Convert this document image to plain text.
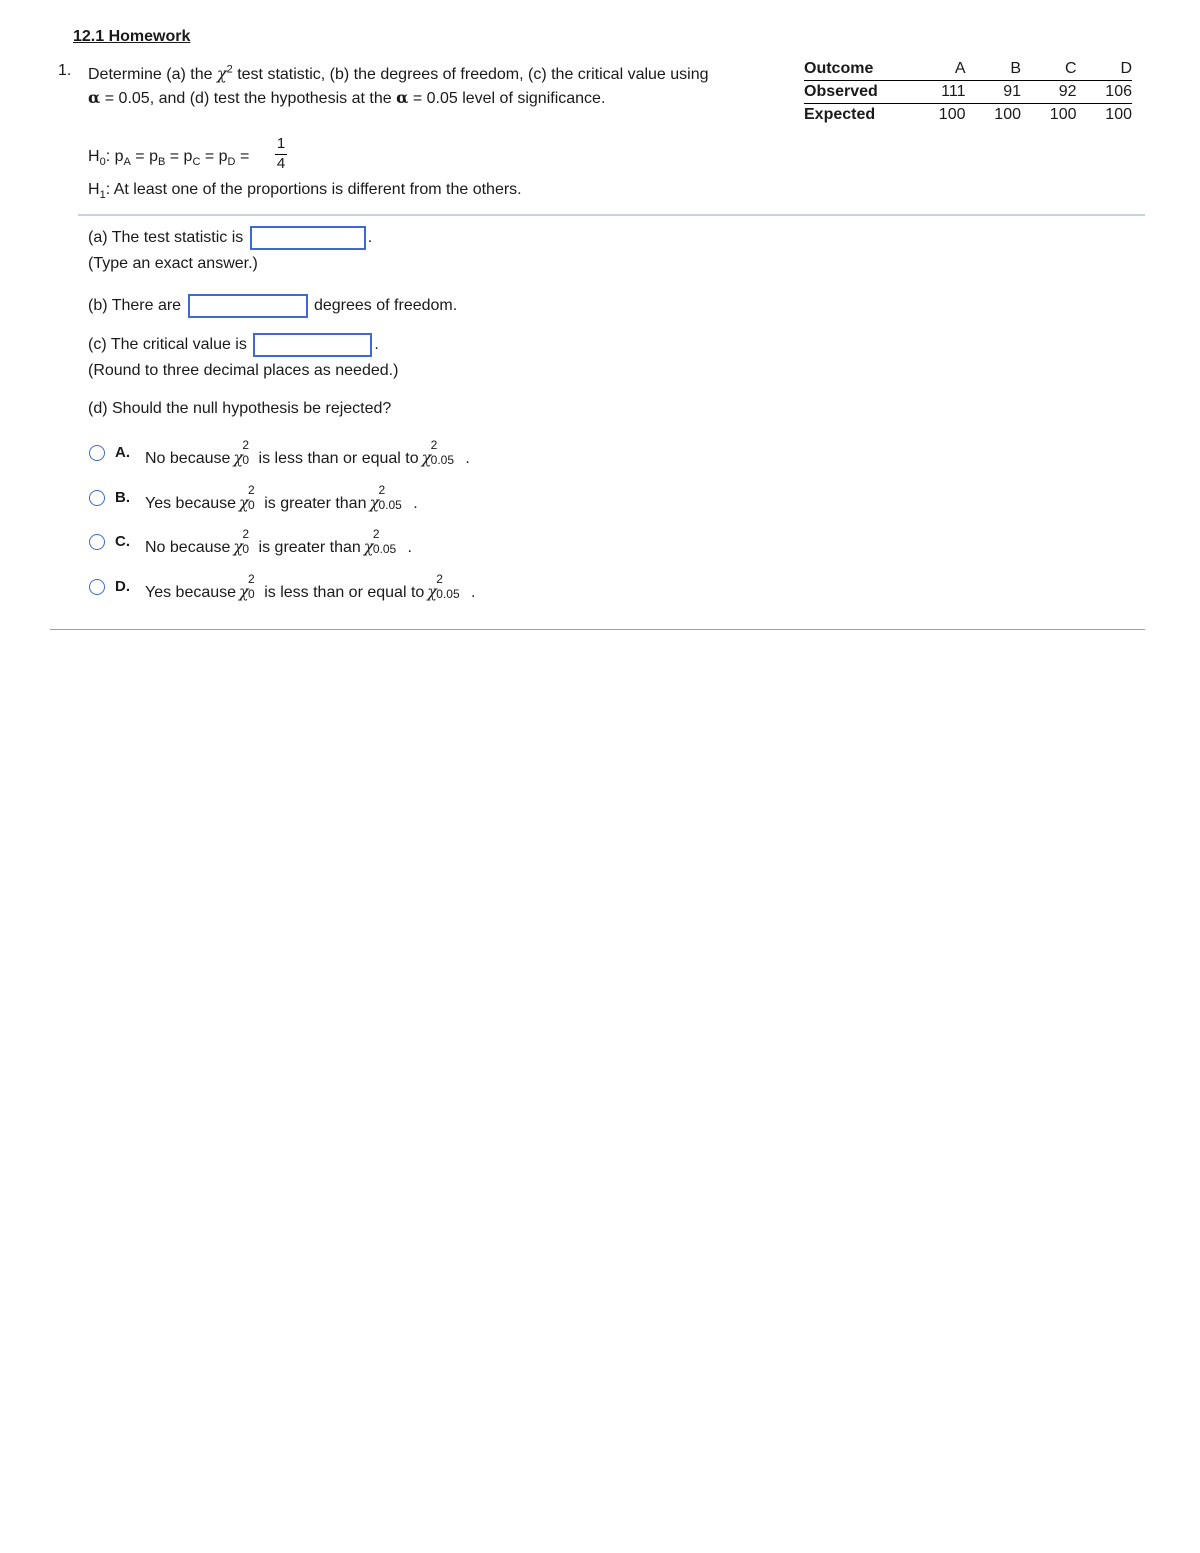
12.1 Homework
1. Determine (a) the $\chi^2$ test statistic, (b) the degrees of freedom, (c) the critical value using
α = 0.05, and (d) test the hypothesis at the α = 0.05 level of significance.
Outcome	A	B	C	D
Observed	111	91	92	106
Expected	100	100	100	100
$H_0$: $p_A = p_B = p_C = p_D$ =
1
4
$H_1$: At least one of the proportions is different from the others.
(a) The test statistic is	.
(Type an exact answer.)
(b) There are	degrees of freedom.
(c) The critical value is	.
(Round to three decimal places as needed.)
(d) Should the null hypothesis be rejected?
A. No because χ
2
0 is less than or equal to χ
2
0.05 .
B. Yes because χ
2
0 is greater than χ
2
0.05 .
C. No because χ
2
0 is greater than χ
2
0.05 .
D. Yes because χ
2
0 is less than or equal to χ
2
0.05 .
